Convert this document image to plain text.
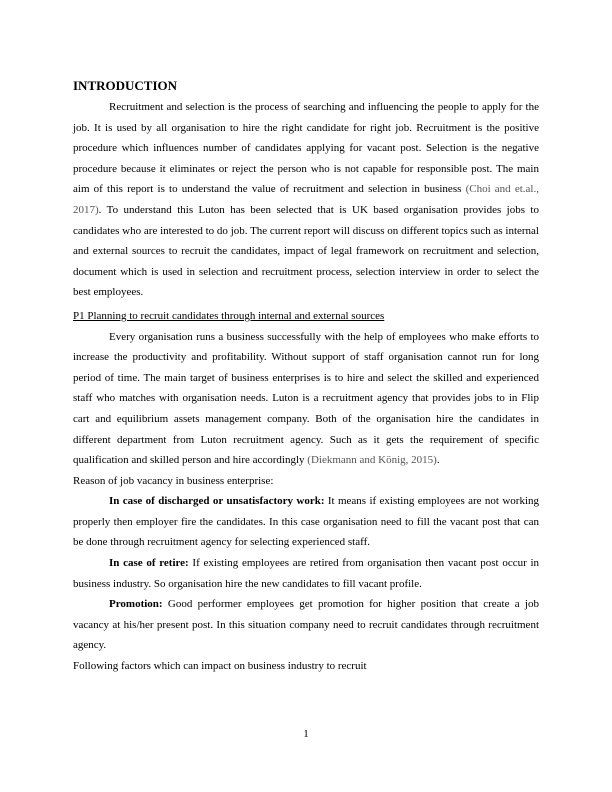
INTRODUCTION

Recruitment and selection is the process of searching and influencing the people to apply for the job. It is used by all organisation to hire the right candidate for right job. Recruitment is the positive procedure which influences number of candidates applying for vacant post. Selection is the negative procedure because it eliminates or reject the person who is not capable for responsible post. The main aim of this report is to understand the value of recruitment and selection in business (Choi and et.al., 2017). To understand this Luton has been selected that is UK based organisation provides jobs to candidates who are interested to do job. The current report will discuss on different topics such as internal and external sources to recruit the candidates, impact of legal framework on recruitment and selection, document which is used in selection and recruitment process, selection interview in order to select the best employees.

P1 Planning to recruit candidates through internal and external sources

Every organisation runs a business successfully with the help of employees who make efforts to increase the productivity and profitability. Without support of staff organisation cannot run for long period of time. The main target of business enterprises is to hire and select the skilled and experienced staff who matches with organisation needs. Luton is a recruitment agency that provides jobs to in Flip cart and equilibrium assets management company. Both of the organisation hire the candidates in different department from Luton recruitment agency. Such as it gets the requirement of specific qualification and skilled person and hire accordingly (Diekmann and König, 2015).

Reason of job vacancy in business enterprise:

In case of discharged or unsatisfactory work: It means if existing employees are not working properly then employer fire the candidates. In this case organisation need to fill the vacant post that can be done through recruitment agency for selecting experienced staff.

In case of retire: If existing employees are retired from organisation then vacant post occur in business industry. So organisation hire the new candidates to fill vacant profile.

Promotion: Good performer employees get promotion for higher position that create a job vacancy at his/her present post. In this situation company need to recruit candidates through recruitment agency.

Following factors which can impact on business industry to recruit

1
